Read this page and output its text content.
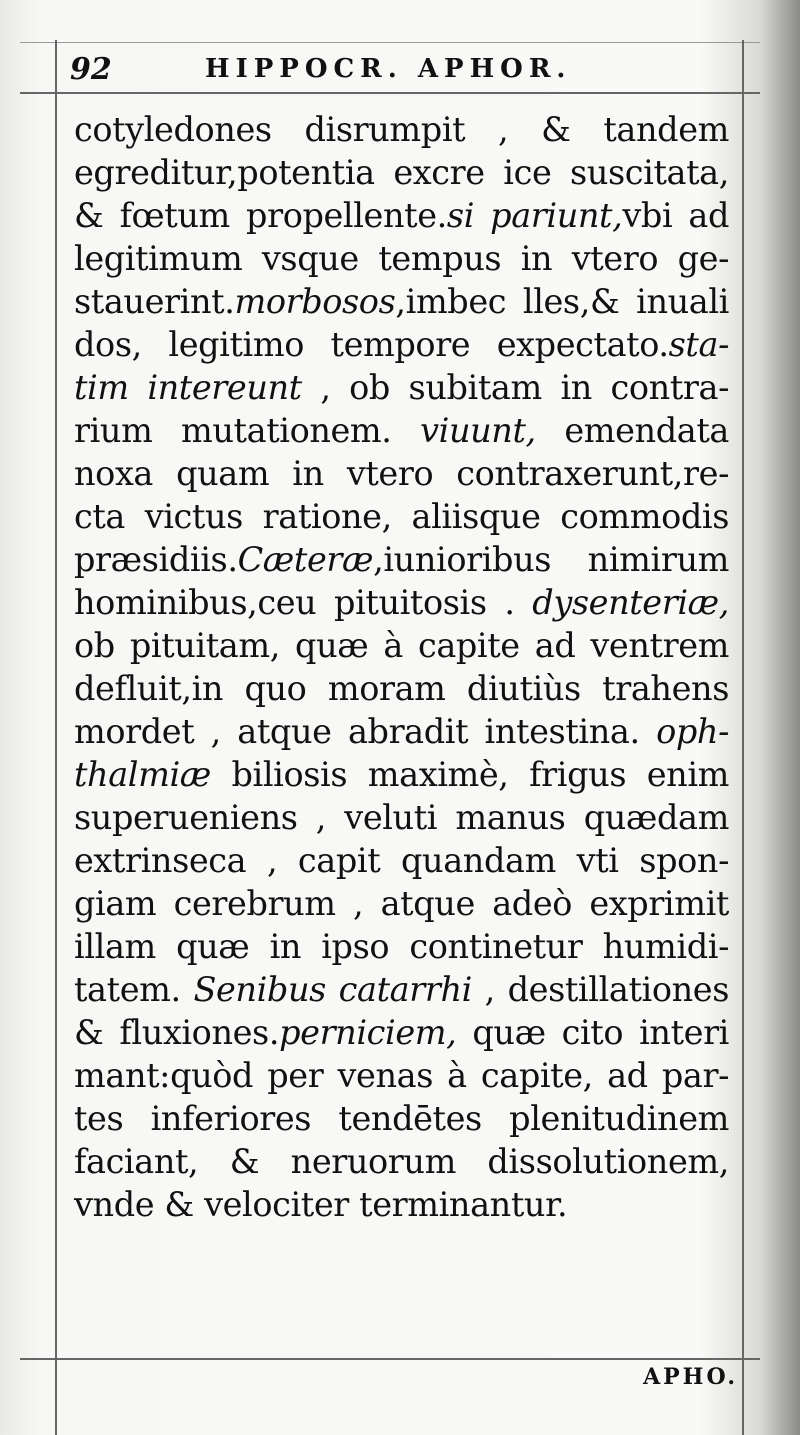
92	HIPPOCR. APHOR.
cotyledones disrumpit , & tandem
egreditur,potentia excre ice suscitata,
& fœtum propellente.si pariunt,vbi ad
legitimum vsque tempus in vtero ge-
stauerint.morbosos,imbec lles,& inuali
dos, legitimo tempore expectato.sta-
tim intereunt , ob subitam in contra-
rium mutationem. viuunt, emendata
noxa quam in vtero contraxerunt,re-
cta victus ratione, aliisque commodis
præsidiis.Cæteræ,iunioribus nimirum
hominibus,ceu pituitosis . dysenteriæ,
ob pituitam, quæ à capite ad ventrem
defluit,in quo moram diutiùs trahens
mordet , atque abradit intestina. oph-
thalmiæ biliosis maximè, frigus enim
superueniens , veluti manus quædam
extrinseca , capit quandam vti spon-
giam cerebrum , atque adeò exprimit
illam quæ in ipso continetur humidi-
tatem. Senibus catarrhi , destillationes
& fluxiones.perniciem, quæ cito interi
mant:quòd per venas à capite, ad par-
tes inferiores tendētes plenitudinem
faciant, & neruorum dissolutionem,
vnde & velociter terminantur.
APHO.
